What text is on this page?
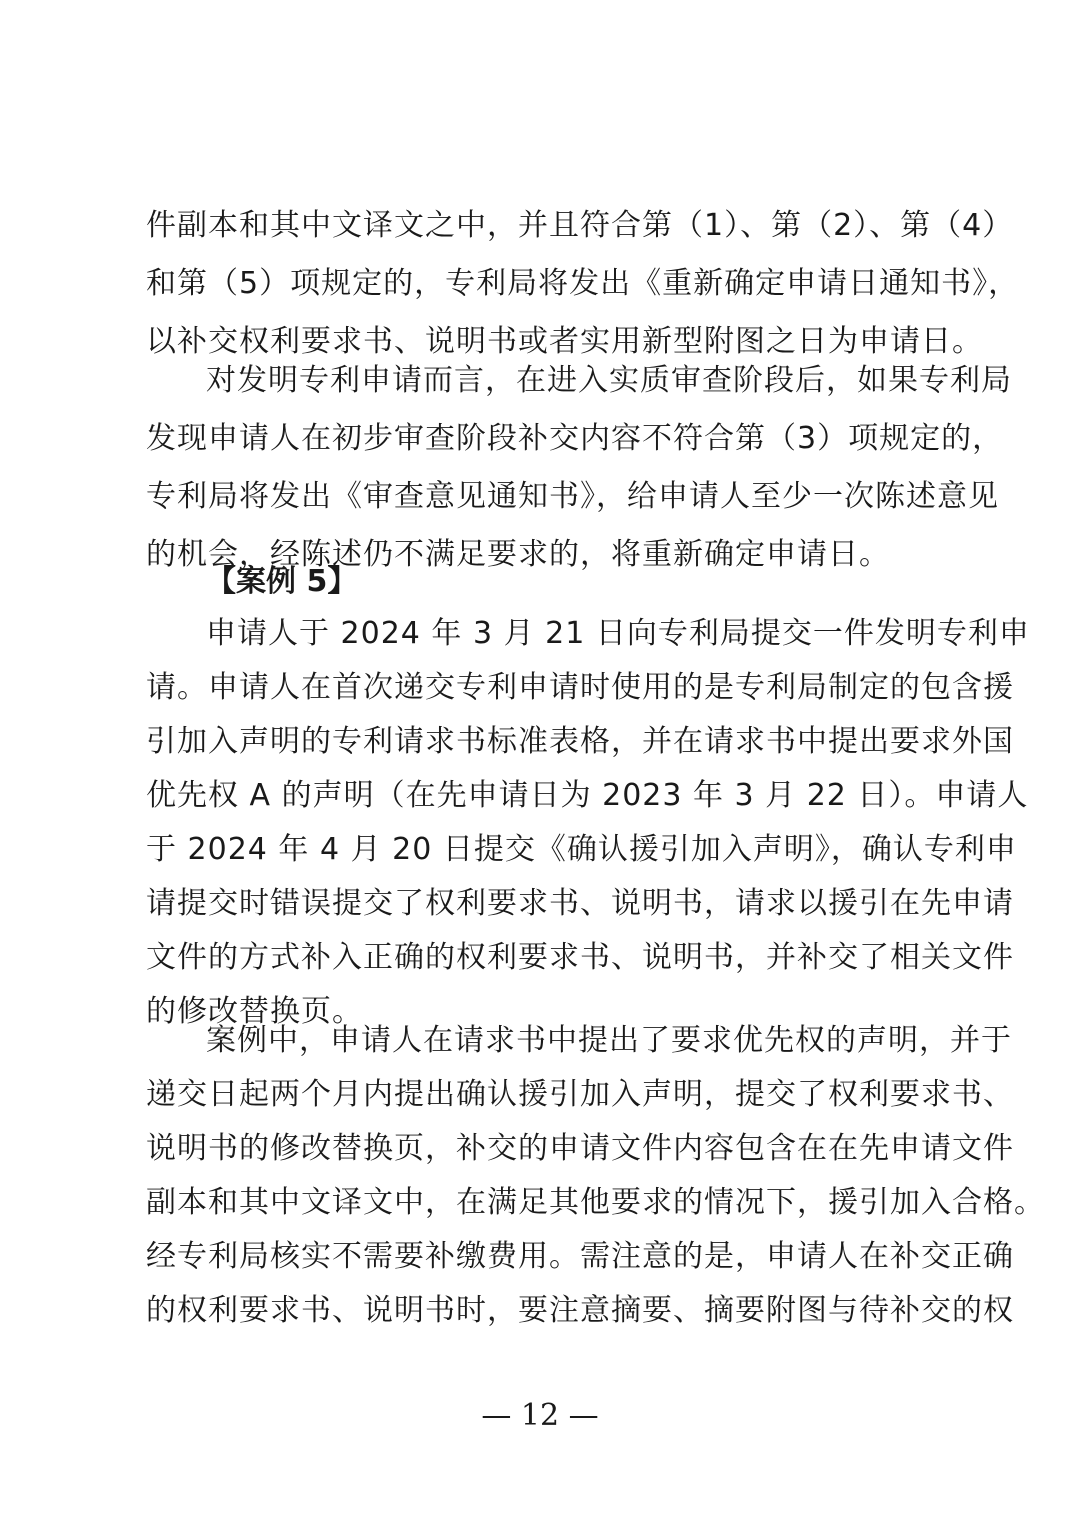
件副本和其中文译文之中，并且符合第（1）、第（2）、第（4）
和第（5）项规定的，专利局将发出《重新确定申请日通知书》，
以补交权利要求书、说明书或者实用新型附图之日为申请日。
对发明专利申请而言，在进入实质审查阶段后，如果专利局
发现申请人在初步审查阶段补交内容不符合第（3）项规定的，
专利局将发出《审查意见通知书》，给申请人至少一次陈述意见
的机会，经陈述仍不满足要求的，将重新确定申请日。
【案例 5】
申请人于 2024 年 3 月 21 日向专利局提交一件发明专利申
请。申请人在首次递交专利申请时使用的是专利局制定的包含援
引加入声明的专利请求书标准表格，并在请求书中提出要求外国
优先权 A 的声明（在先申请日为 2023 年 3 月 22 日）。申请人
于 2024 年 4 月 20 日提交《确认援引加入声明》，确认专利申
请提交时错误提交了权利要求书、说明书，请求以援引在先申请
文件的方式补入正确的权利要求书、说明书，并补交了相关文件
的修改替换页。
案例中，申请人在请求书中提出了要求优先权的声明，并于
递交日起两个月内提出确认援引加入声明，提交了权利要求书、
说明书的修改替换页，补交的申请文件内容包含在在先申请文件
副本和其中文译文中，在满足其他要求的情况下，援引加入合格。
经专利局核实不需要补缴费用。需注意的是，申请人在补交正确
的权利要求书、说明书时，要注意摘要、摘要附图与待补交的权
— 12 —
